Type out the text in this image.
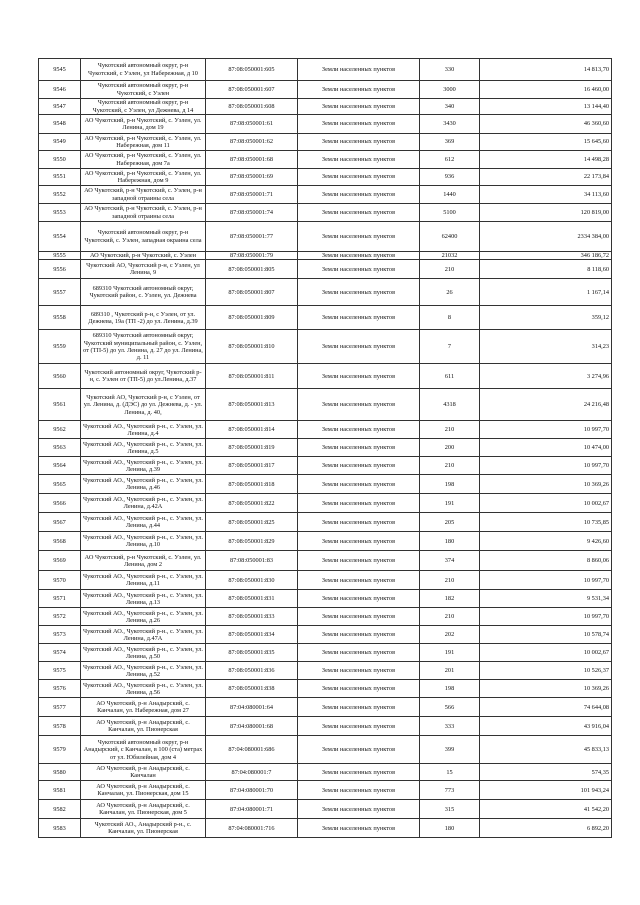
9545	Чукотский автономный округ, р-н Чукотский, с Уэлен, ул Набережная, д 10	87:08:050001:605	Земли населенных пунктов	330	14 813,70
9546	Чукотский автономный округ, р-н Чукотский, с Уэлен	87:08:050001:607	Земли населенных пунктов	3000	16 460,00
9547	Чукотский автономный округ, р-н Чукотский, с Уэлен, ул Дежнева, д 14	87:08:050001:608	Земли населенных пунктов	340	13 144,40
9548	АО Чукотский, р-н Чукотский, с. Уэлен, ул. Ленина, дом 19	87:08:050001:61	Земли населенных пунктов	3430	46 360,60
9549	АО Чукотский, р-н Чукотский, с. Уэлен, ул. Набережная, дом 11	87:08:050001:62	Земли населенных пунктов	369	15 645,60
9550	АО Чукотский, р-н Чукотский, с. Уэлен, ул. Набережная, дом 7а	87:08:050001:68	Земли населенных пунктов	612	14 498,28
9551	АО Чукотский, р-н Чукотский, с. Уэлен, ул. Набережная, дом 9	87:08:050001:69	Земли населенных пунктов	936	22 173,84
9552	АО Чукотский, р-н Чукотский, с. Уэлен, р-н западной отраины села	87:08:050001:71	Земли населенных пунктов	1440	34 113,60
9553	АО Чукотский, р-н Чукотский, с. Уэлен, р-н западной отраины села	87:08:050001:74	Земли населенных пунктов	5100	120 819,00
9554	Чукотский автономный округ, р-н Чукотский, с. Уэлен, западная окраина села	87:08:050001:77	Земли населенных пунктов	62400	2334 384,00
9555	АО Чукотский, р-н Чукотский, с. Уэлен	87:08:050001:79	Земли населенных пунктов	21032	346 186,72
9556	Чукотский АО, Чукотский р-н, с Уэлен, ул Ленина, 9	87:08:050001:805	Земли населенных пунктов	210	8 118,60
9557	689310 Чукотский автономный округ, Чукотский район, с. Уэлен, ул. Дежнева	87:08:050001:807	Земли населенных пунктов	26	1 167,14
9558	689310 , Чукотский р-н, с Уэлен, от ул. Дежнева, 19а (ТП -2) до ул. Ленина, д.39	87:08:050001:809	Земли населенных пунктов	8	359,12
9559	689310 Чукотский автономный округ, Чукотский муниципальный район, с. Уэлен, от (ТП-5) до ул. Ленина, д. 27 до ул. Ленина, д. 11	87:08:050001:810	Земли населенных пунктов	7	314,23
9560	Чукотский автономный округ, Чукотский р-н, с. Уэлен от (ТП-5) до ул.Ленина, д.37	87:08:050001:811	Земли населенных пунктов	611	3 274,96
9561	Чукотский АО, Чукотский р-н, с Уэлен, от ул. Ленина, д. (ДЭС) до ул. Дежнева, д. - ул. Ленина, д. 40,	87:08:050001:813	Земли населенных пунктов	4318	24 216,48
9562	Чукотский АО., Чукотский р-н., с. Уэлен, ул. Ленина, д.4	87:08:050001:814	Земли населенных пунктов	210	10 997,70
9563	Чукотский АО., Чукотский р-н., с. Уэлен, ул. Ленина, д.5	87:08:050001:819	Земли населенных пунктов	200	10 474,00
9564	Чукотский АО., Чукотский р-н., с. Уэлен, ул. Ленина, д.39	87:08:050001:817	Земли населенных пунктов	210	10 997,70
9565	Чукотский АО., Чукотский р-н., с. Уэлен, ул. Ленина, д.46	87:08:050001:818	Земли населенных пунктов	198	10 369,26
9566	Чукотский АО., Чукотский р-н., с. Уэлен, ул. Ленина, д.42А	87:08:050001:822	Земли населенных пунктов	191	10 002,67
9567	Чукотский АО., Чукотский р-н., с. Уэлен, ул. Ленина, д.44	87:08:050001:825	Земли населенных пунктов	205	10 735,85
9568	Чукотский АО., Чукотский р-н., с. Уэлен, ул. Ленина, д.10	87:08:050001:829	Земли населенных пунктов	180	9 426,60
9569	АО Чукотский, р-н Чукотский, с. Уэлен, ул. Ленина, дом 2	87:08:050001:83	Земли населенных пунктов	374	8 860,06
9570	Чукотский АО., Чукотский р-н., с. Уэлен, ул. Ленина, д.11	87:08:050001:830	Земли населенных пунктов	210	10 997,70
9571	Чукотский АО., Чукотский р-н., с. Уэлен, ул. Ленина, д.13	87:08:050001:831	Земли населенных пунктов	182	9 531,34
9572	Чукотский АО., Чукотский р-н., с. Уэлен, ул. Ленина, д.26	87:08:050001:833	Земли населенных пунктов	210	10 997,70
9573	Чукотский АО., Чукотский р-н., с. Уэлен, ул. Ленина, д.47А	87:08:050001:834	Земли населенных пунктов	202	10 578,74
9574	Чукотский АО., Чукотский р-н., с. Уэлен, ул. Ленина, д.50	87:08:050001:835	Земли населенных пунктов	191	10 002,67
9575	Чукотский АО., Чукотский р-н., с. Уэлен, ул. Ленина, д.52	87:08:050001:836	Земли населенных пунктов	201	10 526,37
9576	Чукотский АО., Чукотский р-н., с. Уэлен, ул. Ленина, д.56	87:08:050001:838	Земли населенных пунктов	198	10 369,26
9577	АО Чукотский, р-н Анадырский, с. Канчалан, ул. Набережная, дом 27	87:04:080001:64	Земли населенных пунктов	566	74 644,08
9578	АО Чукотский, р-н Анадырский, с. Канчалан, ул. Пионерская	87:04:080001:68	Земли населенных пунктов	333	43 916,04
9579	Чукотский автономный округ, р-н Анадырский, с Канчалан, в 100 (ста) метрах от ул. Юбилейная, дом 4	87:04:080001:686	Земли населенных пунктов	399	45 833,13
9580	АО Чукотский, р-н Анадырский, с. Канчалан	87:04:080001:7	Земли населенных пунктов	15	574,35
9581	АО Чукотский, р-н Анадырский, с. Канчалан, ул. Пионерская, дом 15	87:04:080001:70	Земли населенных пунктов	773	101 943,24
9582	АО Чукотский, р-н Анадырский, с. Канчалан, ул. Пионерская, дом 5	87:04:080001:71	Земли населенных пунктов	315	41 542,20
9583	Чукотский АО., Анадырский р-н., с. Канчалан, ул. Пионерская	87:04:080001:716	Земли населенных пунктов	180	6 892,20
